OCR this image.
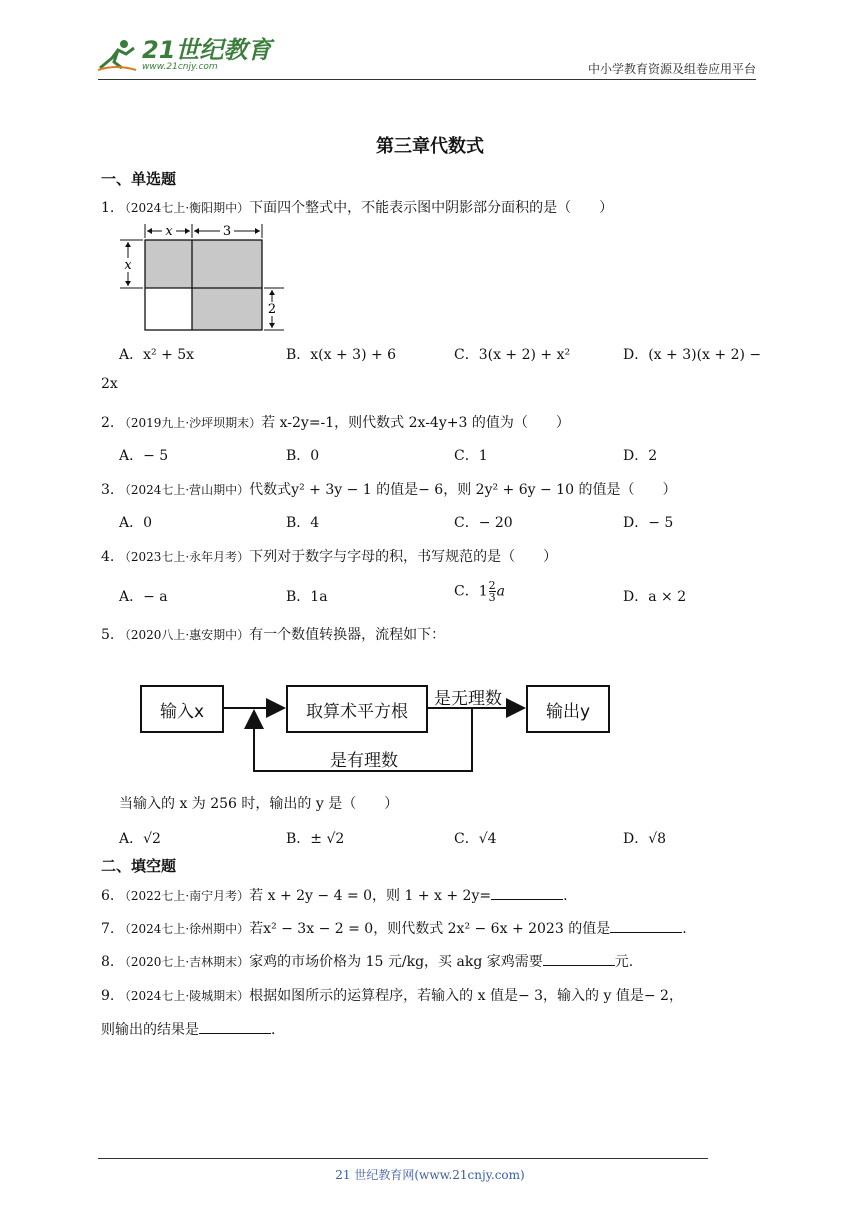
21世纪教育
www.21cnjy.com	中小学教育资源及组卷应用平台
第三章代数式
一、单选题
1. （2024七上·衡阳期中）下面四个整式中，不能表示图中阴影部分面积的是（　　）
x	3
x
2
A．x² + 5x	B．x(x + 3) + 6	C．3(x + 2) + x²	D．(x + 3)(x + 2) −
2x
2. （2019九上·沙坪坝期末）若 x-2y=-1，则代数式 2x-4y+3 的值为（　　）
A．− 5	B．0	C．1	D．2
3. （2024七上·营山期中）代数式y² + 3y − 1 的值是− 6，则 2y² + 6y − 10 的值是（　　）
A．0	B．4	C．− 20	D．− 5
4. （2023七上·永年月考）下列对于数字与字母的积，书写规范的是（　　）
A．− a	B．1a	C．$1 \frac{2}{3}$ a	D．a × 2
5. （2020八上·惠安期中）有一个数值转换器，流程如下：
输入x	取算术平方根	输出y
是无理数
是有理数
当输入的 x 为 256 时，输出的 y 是（　　）
A．√2	B．± √2	C．√4	D．√8
二、填空题
6. （2022七上·南宁月考）若 x + 2y − 4 = 0，则 1 + x + 2y=	.
7. （2024七上·徐州期中）若x² − 3x − 2 = 0，则代数式 2x² − 6x + 2023 的值是	.
8. （2020七上·吉林期末）家鸡的市场价格为 15 元/kg，买 akg 家鸡需要	元.
9. （2024七上·陵城期末）根据如图所示的运算程序，若输入的 x 值是− 3，输入的 y 值是− 2，
则输出的结果是	.
21 世纪教育网(www.21cnjy.com)
